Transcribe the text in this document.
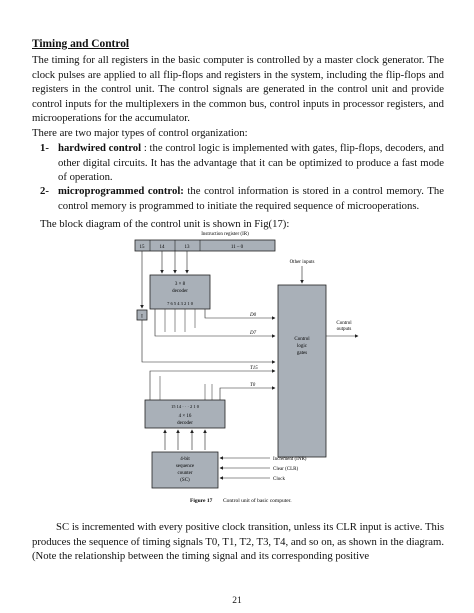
Timing and Control

The timing for all registers in the basic computer is controlled by a master clock generator. The clock pulses are applied to all flip-flops and registers in the system, including the flip-flops and registers in the control unit. The control signals are generated in the control unit and provide control inputs for the multiplexers in the common bus, control inputs in processor registers, and microoperations for the accumulator.

There are two major types of control organization:

1- hardwired control : the control logic is implemented with gates, flip-flops, decoders, and other digital circuits. It has the advantage that it can be optimized to produce a fast mode of operation.
2- microprogrammed control: the control information is stored in a control memory. The control memory is programmed to initiate the required sequence of microoperations.

The block diagram of the control unit is shown in Fig(17):

Instruction register (IR)
15	14	13	11 – 0
Other inputs
3 × 8
decoder
7 6 5 4 3 2 1 0
I	D0
D7
Control
logic
gates
Control
outputs
15 14 · · · 2 1 0
4 × 16
decoder
T15
T0
4-bit
sequence
counter
(SC)
Increment (INR)
Clear (CLR)
Clock
Figure 17 Control unit of basic computer.

SC is incremented with every positive clock transition, unless its CLR input is active. This produces the sequence of timing signals T0, T1, T2, T3, T4, and so on, as shown in the diagram. (Note the relationship between the timing signal and its corresponding positive

21
